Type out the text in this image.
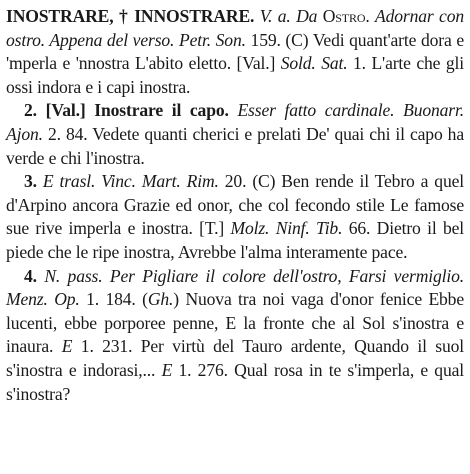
INOSTRARE, † INNOSTRARE. V. a. Da Ostro. Adornar con ostro. Appena del verso. Petr. Son. 159. (C) Vedi quant'arte dora e 'mperla e 'nnostra L'abito eletto. [Val.] Sold. Sat. 1. L'arte che gli ossi indora e i capi inostra.

2. [Val.] Inostrare il capo. Esser fatto cardinale. Buonarr. Ajon. 2. 84. Vedete quanti cherici e prelati De' quai chi il capo ha verde e chi l'inostra.

3. E trasl. Vinc. Mart. Rim. 20. (C) Ben rende il Tebro a quel d'Arpino ancora Grazie ed onor, che col fecondo stile Le famose sue rive imperla e inostra. [T.] Molz. Ninf. Tib. 66. Dietro il bel piede che le ripe inostra, Avrebbe l'alma interamente pace.

4. N. pass. Per Pigliare il colore dell'ostro, Farsi vermiglio. Menz. Op. 1. 184. (Gh.) Nuova tra noi vaga d'onor fenice Ebbe lucenti, ebbe porporee penne, E la fronte che al Sol s'inostra e inaura. E 1. 231. Per virtù del Tauro ardente, Quando il suol s'inostra e indorasi,... E 1. 276. Qual rosa in te s'imperla, e qual s'inostra?
